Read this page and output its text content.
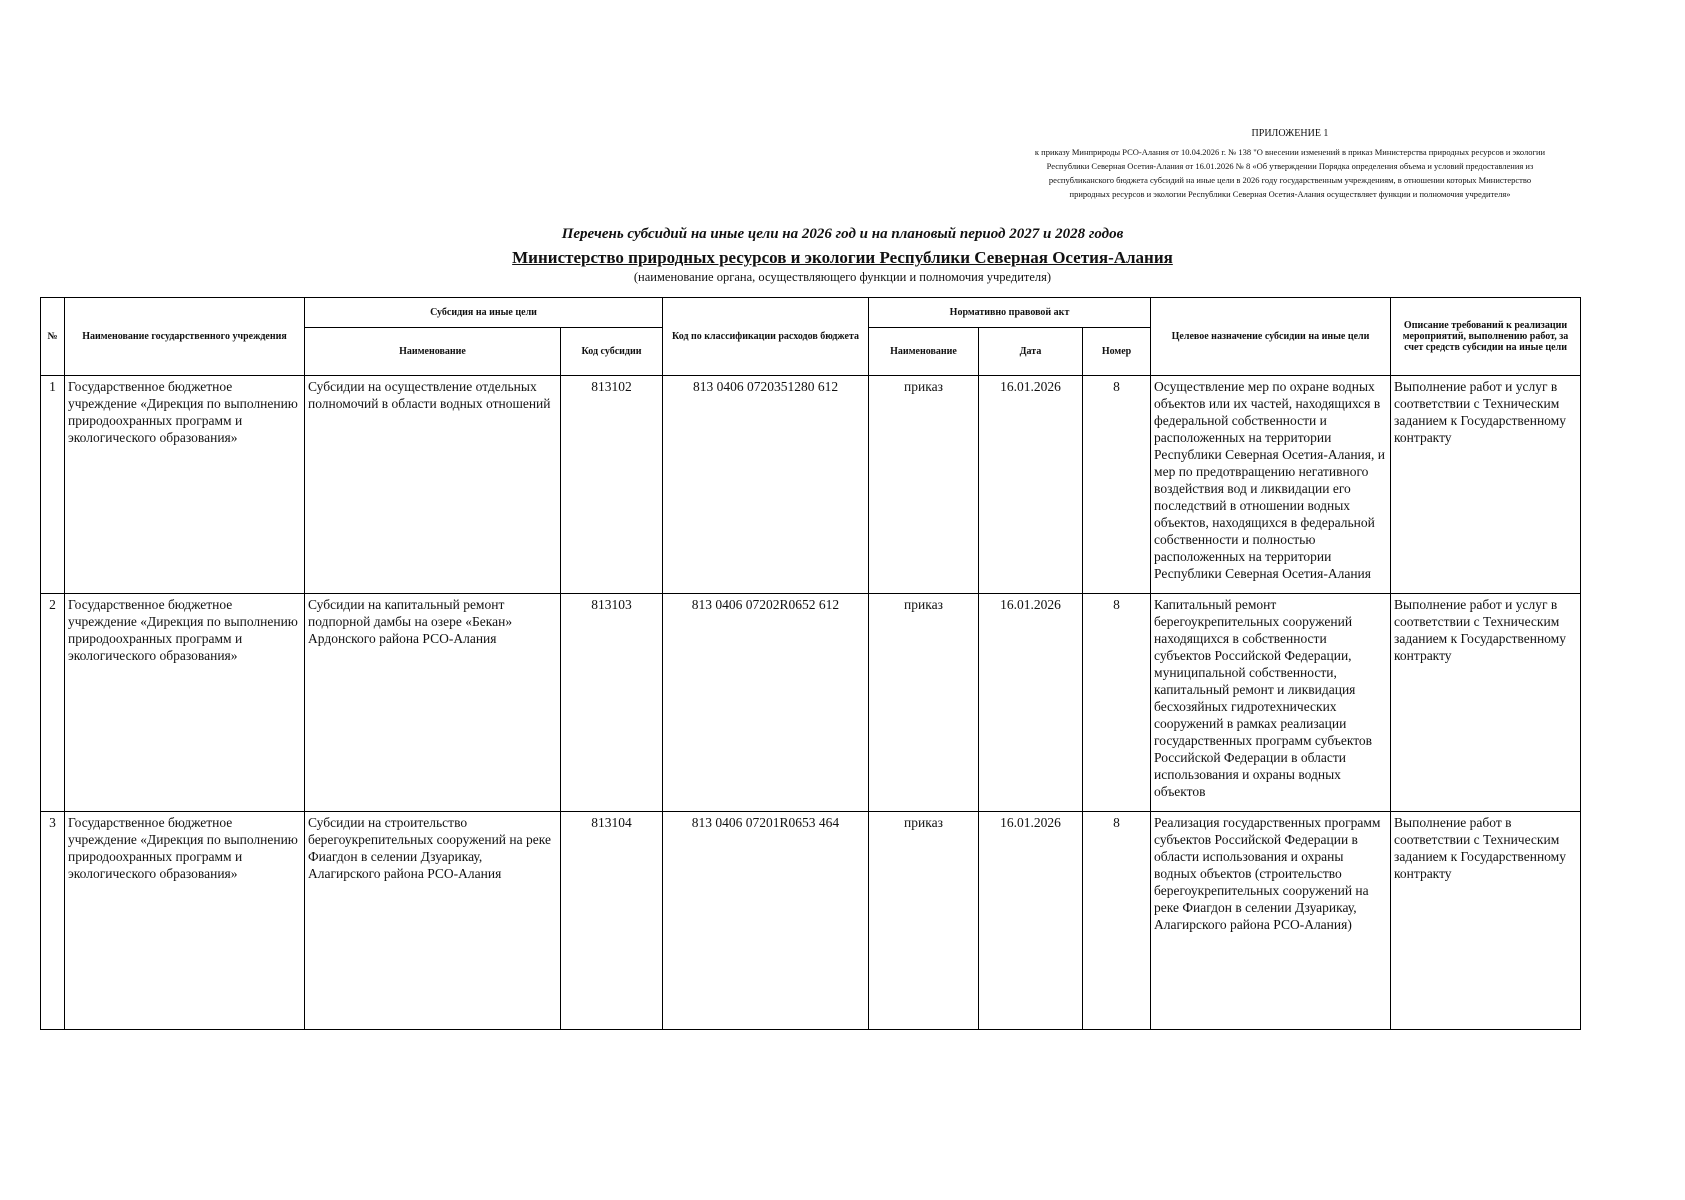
ПРИЛОЖЕНИЕ 1
к приказу Минприроды РСО-Алания от 10.04.2026 г. № 138 "О внесении изменений в приказ Министерства природных ресурсов и экологии
Республики Северная Осетия-Алания от 16.01.2026 № 8 «Об утверждении Порядка определения объема и условий предоставления из
республиканского бюджета субсидий на иные цели в 2026 году государственным учреждениям, в отношении которых Министерство
природных ресурсов и экологии Республики Северная Осетия-Алания осуществляет функции и полномочия учредителя»
Перечень субсидий на иные цели на 2026 год и на плановый период 2027 и 2028 годов
Министерство природных ресурсов и экологии Республики Северная Осетия-Алания
(наименование органа, осуществляющего функции и полномочия учредителя)
№	Наименование государственного учреждения	Субсидия на иные цели		Код по классификации расходов бюджета	Нормативно правовой акт			Целевое назначение субсидии на иные цели	Описание требований к реализации мероприятий, выполнению работ, за счет средств субсидии на иные цели
		Наименование	Код субсидии		Наименование	Дата	Номер		
1	Государственное бюджетное учреждение «Дирекция по выполнению природоохранных программ и экологического образования»	Субсидии на осуществление отдельных полномочий в области водных отношений	813102	813 0406 0720351280 612	приказ	16.01.2026	8	Осуществление мер по охране водных объектов или их частей, находящихся в федеральной собственности и расположенных на территории Республики Северная Осетия-Алания, и мер по предотвращению негативного воздействия вод и ликвидации его последствий в отношении водных объектов, находящихся в федеральной собственности и полностью расположенных на территории Республики Северная Осетия-Алания	Выполнение работ и услуг в соответствии с Техническим заданием к Государственному контракту
2	Государственное бюджетное учреждение «Дирекция по выполнению природоохранных программ и экологического образования»	Субсидии на капитальный ремонт подпорной дамбы на озере «Бекан» Ардонского района РСО-Алания	813103	813 0406 07202R0652 612	приказ	16.01.2026	8	Капитальный ремонт берегоукрепительных сооружений находящихся в собственности субъектов Российской Федерации, муниципальной собственности, капитальный ремонт и ликвидация бесхозяйных гидротехнических сооружений в рамках реализации государственных программ субъектов Российской Федерации в области использования и охраны водных объектов	Выполнение работ и услуг в соответствии с Техническим заданием к Государственному контракту
3	Государственное бюджетное учреждение «Дирекция по выполнению природоохранных программ и экологического образования»	Субсидии на строительство берегоукрепительных сооружений на реке Фиагдон в селении Дзуарикау, Алагирского района РСО-Алания	813104	813 0406 07201R0653 464	приказ	16.01.2026	8	Реализация государственных программ субъектов Российской Федерации в области использования и охраны водных объектов (строительство берегоукрепительных сооружений на реке Фиагдон в селении Дзуарикау, Алагирского района РСО-Алания)	Выполнение работ в соответствии с Техническим заданием к Государственному контракту
